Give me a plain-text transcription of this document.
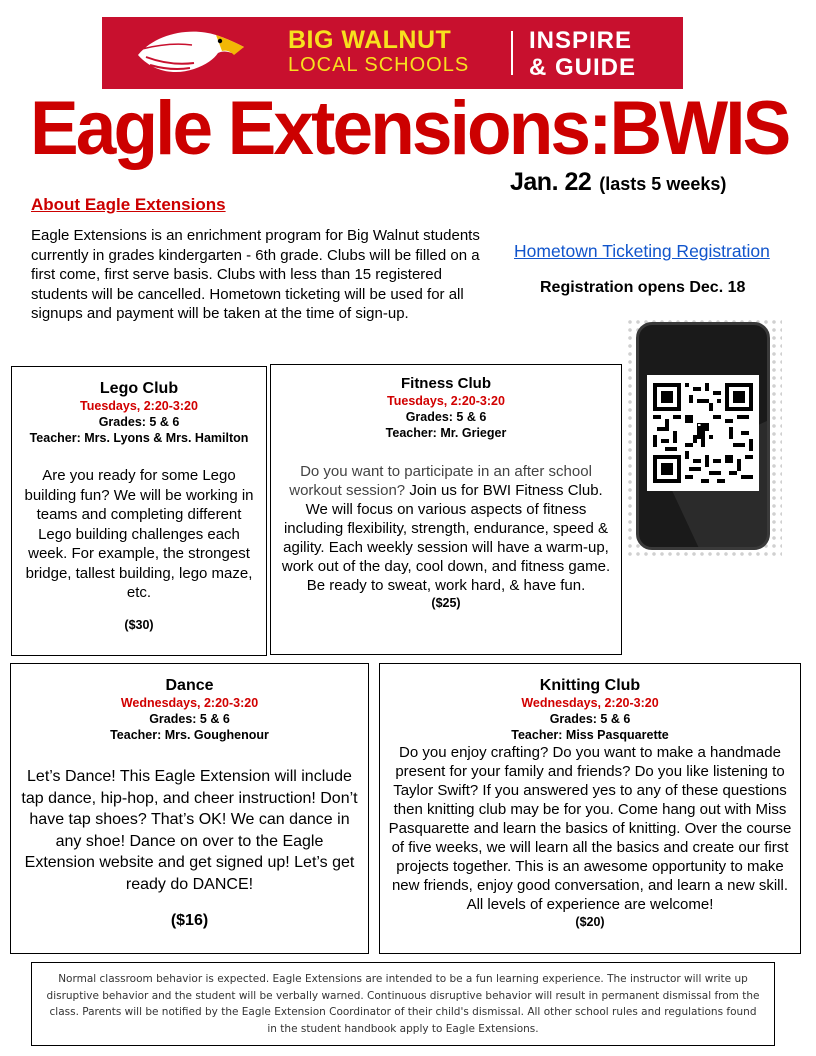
BIG WALNUT
LOCAL SCHOOLS
INSPIRE
& GUIDE
Eagle Extensions:BWIS
Jan. 22 (lasts 5 weeks)
About Eagle Extensions
Eagle Extensions is an enrichment program for Big Walnut students currently in grades kindergarten - 6th grade. Clubs will be filled on a first come, first serve basis. Clubs with less than 15 registered students will be cancelled. Hometown ticketing will be used for all signups and payment will be taken at the time of sign-up.
Hometown Ticketing Registration
Registration opens Dec. 18
Lego Club
Tuesdays, 2:20-3:20
Grades: 5 & 6
Teacher: Mrs. Lyons & Mrs. Hamilton
Are you ready for some Lego building fun? We will be working in teams and completing different Lego building challenges each week. For example, the strongest bridge, tallest building, lego maze, etc.
($30)
Fitness Club
Tuesdays, 2:20-3:20
Grades: 5 & 6
Teacher: Mr. Grieger
Do you want to participate in an after school workout session? Join us for BWI Fitness Club. We will focus on various aspects of fitness including flexibility, strength, endurance, speed & agility. Each weekly session will have a warm-up, work out of the day, cool down, and fitness game. Be ready to sweat, work hard, & have fun.
($25)
Dance
Wednesdays, 2:20-3:20
Grades: 5 & 6
Teacher: Mrs. Goughenour
Let’s Dance! This Eagle Extension will include tap dance, hip-hop, and cheer instruction! Don’t have tap shoes? That’s OK! We can dance in any shoe! Dance on over to the Eagle Extension website and get signed up! Let’s get ready do DANCE!
($16)
Knitting Club
Wednesdays, 2:20-3:20
Grades: 5 & 6
Teacher: Miss Pasquarette
Do you enjoy crafting? Do you want to make a handmade present for your family and friends? Do you like listening to Taylor Swift? If you answered yes to any of these questions then knitting club may be for you. Come hang out with Miss Pasquarette and learn the basics of knitting. Over the course of five weeks, we will learn all the basics and create our first projects together. This is an awesome opportunity to make new friends, enjoy good conversation, and learn a new skill. All levels of experience are welcome!
($20)
Normal classroom behavior is expected. Eagle Extensions are intended to be a fun learning experience. The instructor will write up disruptive behavior and the student will be verbally warned. Continuous disruptive behavior will result in permanent dismissal from the class. Parents will be notified by the Eagle Extension Coordinator of their child's dismissal. All other school rules and regulations found in the student handbook apply to Eagle Extensions.
